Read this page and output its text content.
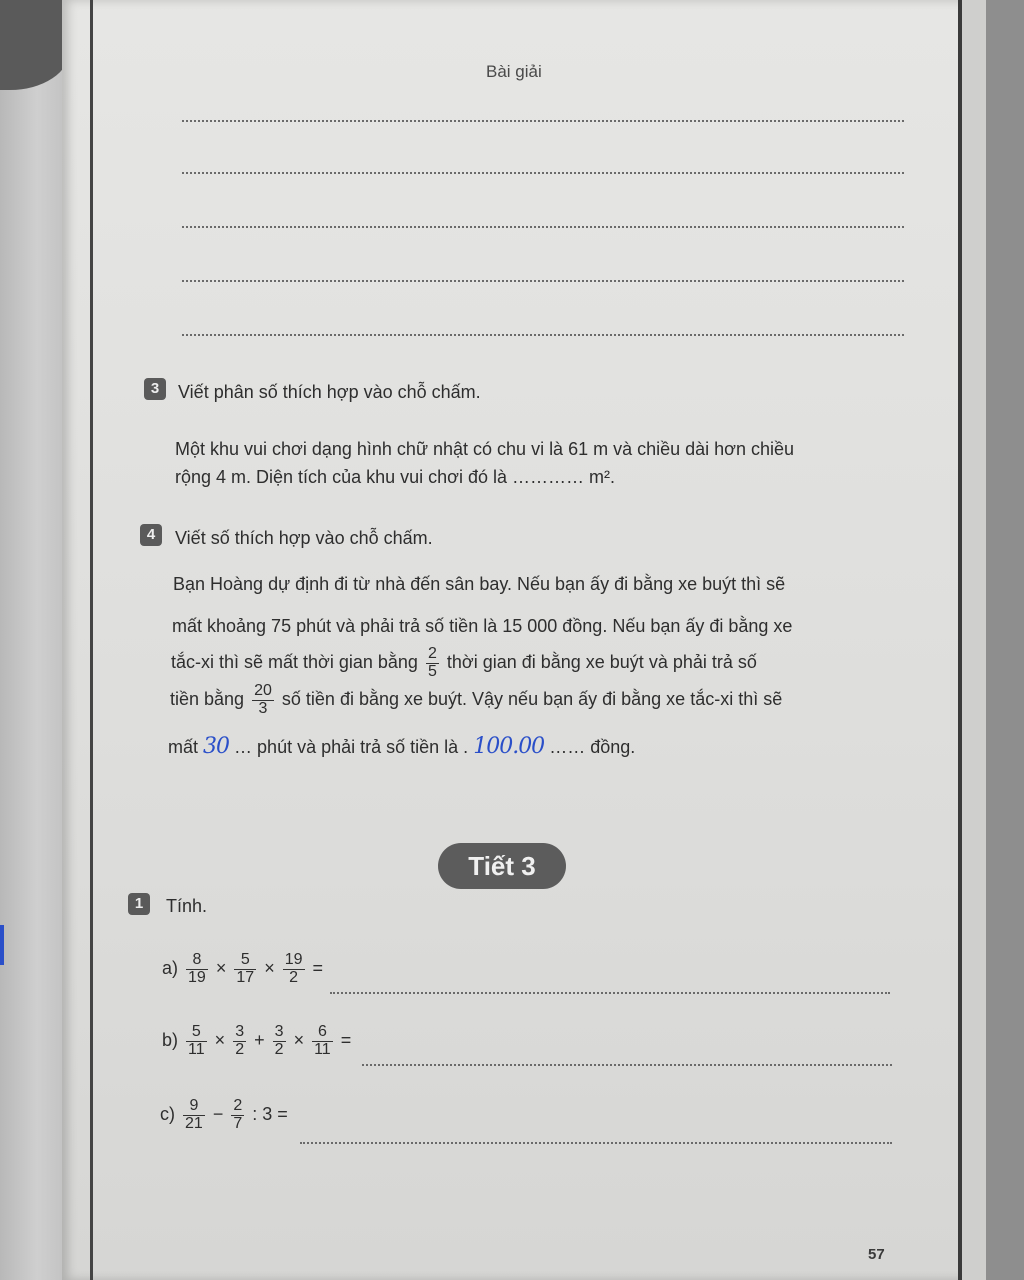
Bài giải
3	Viết phân số thích hợp vào chỗ chấm.
Một khu vui chơi dạng hình chữ nhật có chu vi là 61 m và chiều dài hơn chiều
rộng 4 m. Diện tích của khu vui chơi đó là ………… m².
4	Viết số thích hợp vào chỗ chấm.
Bạn Hoàng dự định đi từ nhà đến sân bay. Nếu bạn ấy đi bằng xe buýt thì sẽ
mất khoảng 75 phút và phải trả số tiền là 15 000 đồng. Nếu bạn ấy đi bằng xe
tắc-xi thì sẽ mất thời gian bằng $\frac{2}{5}$ thời gian đi bằng xe buýt và phải trả số
tiền bằng $\frac{20}{3}$ số tiền đi bằng xe buýt. Vậy nếu bạn ấy đi bằng xe tắc-xi thì sẽ
mất 30 … phút và phải trả số tiền là . 100.00 …… đồng.
Tiết 3
1	Tính.
$a) \frac{8}{19} \times \frac{5}{17} \times \frac{19}{2}$ =
$b) \frac{5}{11} \times \frac{3}{2} + \frac{3}{2} \times \frac{6}{11}$ =
$c) \frac{9}{21} - \frac{2}{7}$ : 3 =
57
